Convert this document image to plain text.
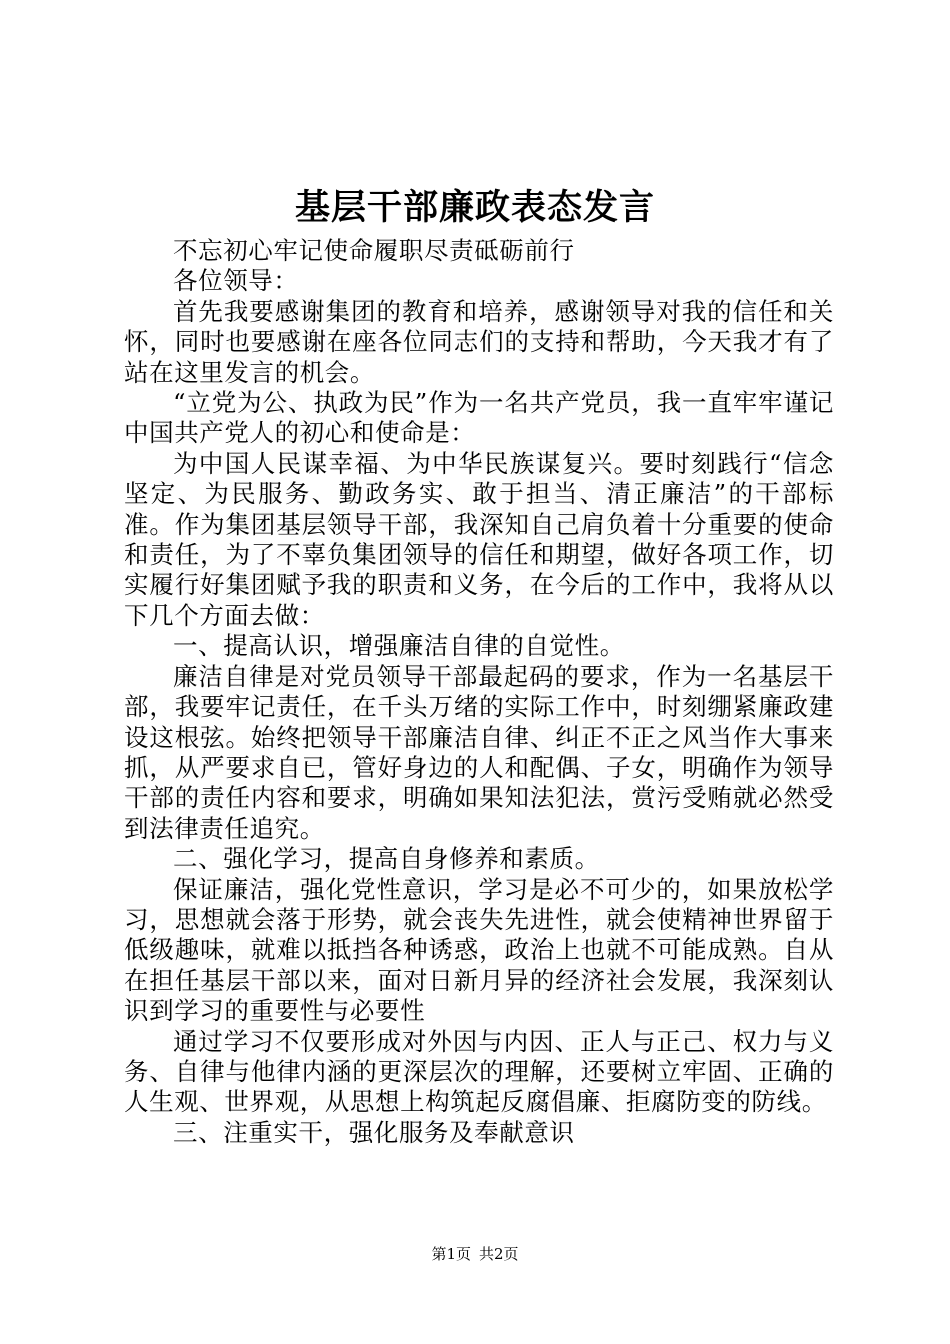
基层干部廉政表态发言

不忘初心牢记使命履职尽责砥砺前行

各位领导：

首先我要感谢集团的教育和培养，感谢领导对我的信任和关怀，同时也要感谢在座各位同志们的支持和帮助，今天我才有了站在这里发言的机会。

“立党为公、执政为民”作为一名共产党员，我一直牢牢谨记中国共产党人的初心和使命是：

为中国人民谋幸福、为中华民族谋复兴。要时刻践行“信念坚定、为民服务、勤政务实、敢于担当、清正廉洁”的干部标准。作为集团基层领导干部，我深知自己肩负着十分重要的使命和责任，为了不辜负集团领导的信任和期望，做好各项工作，切实履行好集团赋予我的职责和义务，在今后的工作中，我将从以下几个方面去做：

一、提高认识，增强廉洁自律的自觉性。

廉洁自律是对党员领导干部最起码的要求，作为一名基层干部，我要牢记责任，在千头万绪的实际工作中，时刻绷紧廉政建设这根弦。始终把领导干部廉洁自律、纠正不正之风当作大事来抓，从严要求自已，管好身边的人和配偶、子女，明确作为领导干部的责任内容和要求，明确如果知法犯法，赏污受贿就必然受到法律责任追究。

二、强化学习，提高自身修养和素质。

保证廉洁，强化党性意识，学习是必不可少的，如果放松学习，思想就会落于形势，就会丧失先进性，就会使精神世界留于低级趣味，就难以抵挡各种诱惑，政治上也就不可能成熟。自从在担任基层干部以来，面对日新月异的经济社会发展，我深刻认识到学习的重要性与必要性

通过学习不仅要形成对外因与内因、正人与正己、权力与义务、自律与他律内涵的更深层次的理解，还要树立牢固、正确的人生观、世界观，从思想上构筑起反腐倡廉、拒腐防变的防线。

三、注重实干，强化服务及奉献意识

第1页 共2页
